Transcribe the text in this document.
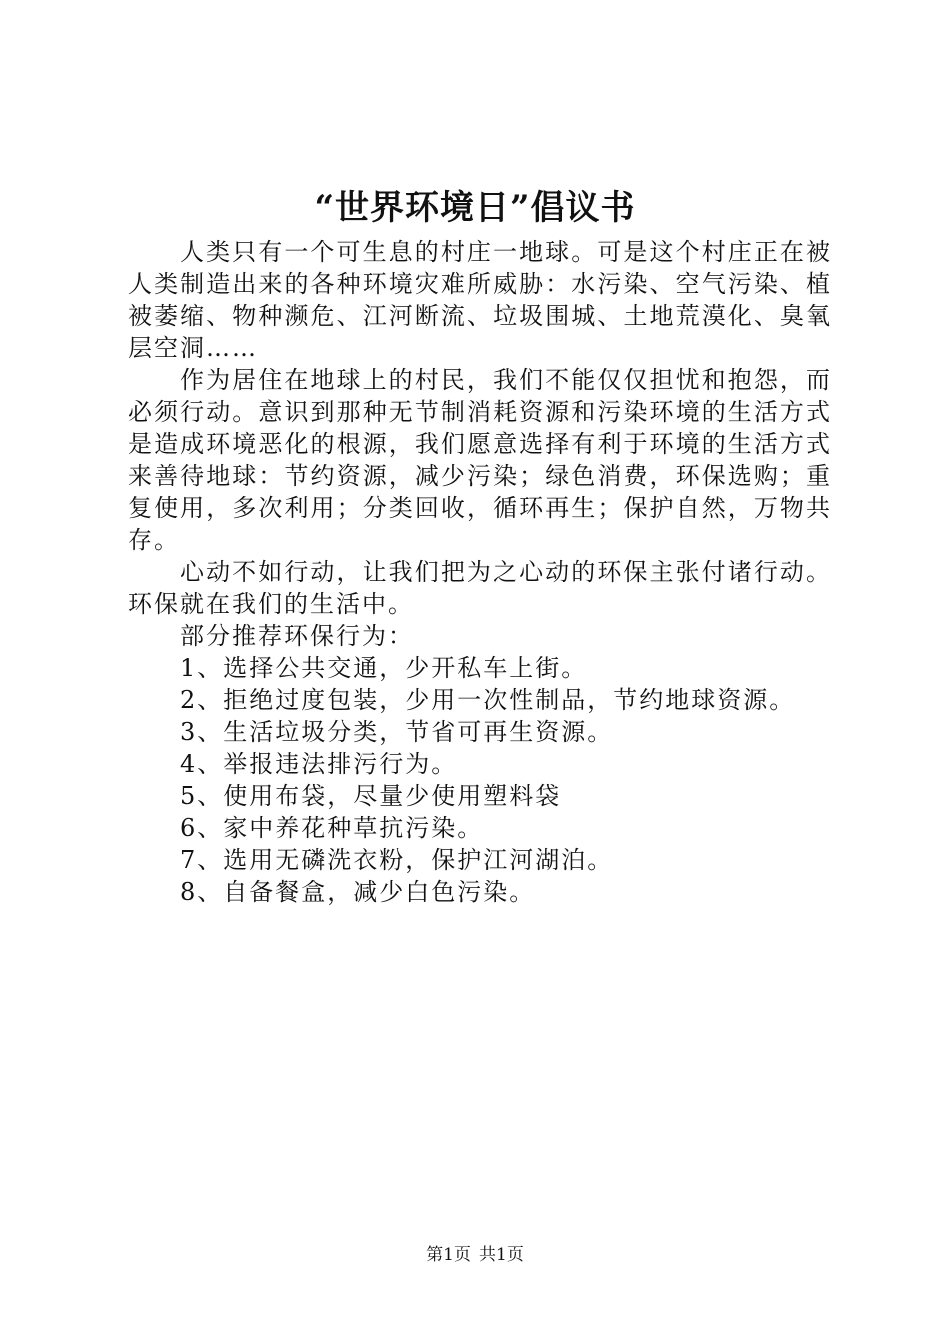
“世界环境日”倡议书

人类只有一个可生息的村庄一地球。可是这个村庄正在被人类制造出来的各种环境灾难所威胁：水污染、空气污染、植被萎缩、物种濒危、江河断流、垃圾围城、土地荒漠化、臭氧层空洞……

作为居住在地球上的村民，我们不能仅仅担忧和抱怨，而必须行动。意识到那种无节制消耗资源和污染环境的生活方式是造成环境恶化的根源，我们愿意选择有利于环境的生活方式来善待地球：节约资源，减少污染；绿色消费，环保选购；重复使用，多次利用；分类回收，循环再生；保护自然，万物共存。

心动不如行动，让我们把为之心动的环保主张付诸行动。环保就在我们的生活中。

部分推荐环保行为：

1、选择公共交通，少开私车上街。
2、拒绝过度包装，少用一次性制品，节约地球资源。
3、生活垃圾分类，节省可再生资源。
4、举报违法排污行为。
5、使用布袋，尽量少使用塑料袋
6、家中养花种草抗污染。
7、选用无磷洗衣粉，保护江河湖泊。
8、自备餐盒，减少白色污染。
第1页 共1页
